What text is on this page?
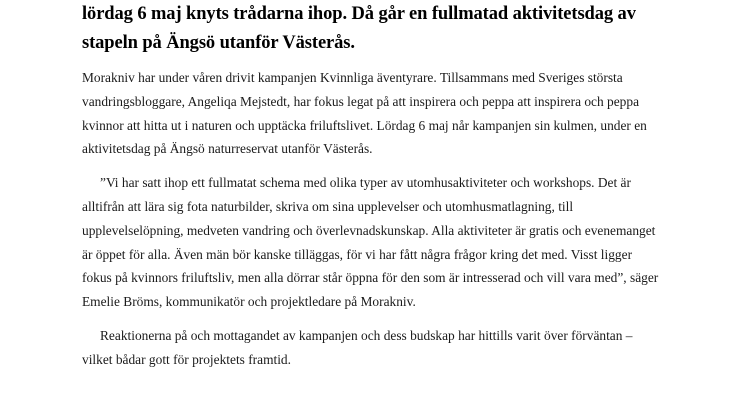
lördag 6 maj knyts trådarna ihop. Då går en fullmatad aktivitetsdag av stapeln på Ängsö utanför Västerås.

Morakniv har under våren drivit kampanjen Kvinnliga äventyrare. Tillsammans med Sveriges största vandringsbloggare, Angeliqa Mejstedt, har fokus legat på att inspirera och peppa att inspirera och peppa kvinnor att hitta ut i naturen och upptäcka friluftslivet. Lördag 6 maj når kampanjen sin kulmen, under en aktivitetsdag på Ängsö naturreservat utanför Västerås.

”Vi har satt ihop ett fullmatat schema med olika typer av utomhusaktiviteter och workshops. Det är alltifrån att lära sig fota naturbilder, skriva om sina upplevelser och utomhusmatlagning, till upplevelselöpning, medveten vandring och överlevnadskunskap. Alla aktiviteter är gratis och evenemanget är öppet för alla. Även män bör kanske tilläggas, för vi har fått några frågor kring det med. Visst ligger fokus på kvinnors friluftsliv, men alla dörrar står öppna för den som är intresserad och vill vara med”, säger Emelie Bröms, kommunikatör och projektledare på Morakniv.

Reaktionerna på och mottagandet av kampanjen och dess budskap har hittills varit över förväntan – vilket bådar gott för projektets framtid.
